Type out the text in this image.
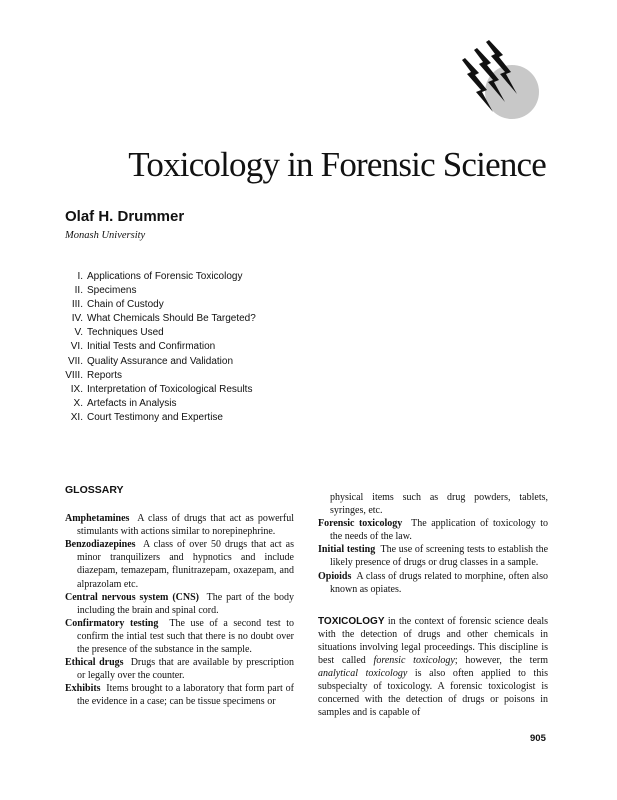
Toxicology in Forensic Science
Olaf H. Drummer
Monash University
I. Applications of Forensic Toxicology
II. Specimens
III. Chain of Custody
IV. What Chemicals Should Be Targeted?
V. Techniques Used
VI. Initial Tests and Confirmation
VII. Quality Assurance and Validation
VIII. Reports
IX. Interpretation of Toxicological Results
X. Artefacts in Analysis
XI. Court Testimony and Expertise
GLOSSARY
Amphetamines A class of drugs that act as powerful stimulants with actions similar to norepinephrine.
Benzodiazepines A class of over 50 drugs that act as minor tranquilizers and hypnotics and include diazepam, temazepam, flunitrazepam, oxazepam, and alprazolam etc.
Central nervous system (CNS) The part of the body including the brain and spinal cord.
Confirmatory testing The use of a second test to confirm the intial test such that there is no doubt over the presence of the substance in the sample.
Ethical drugs Drugs that are available by prescription or legally over the counter.
Exhibits Items brought to a laboratory that form part of the evidence in a case; can be tissue specimens or
physical items such as drug powders, tablets, syringes, etc.
Forensic toxicology The application of toxicology to the needs of the law.
Initial testing The use of screening tests to establish the likely presence of drugs or drug classes in a sample.
Opioids A class of drugs related to morphine, often also known as opiates.

TOXICOLOGY in the context of forensic science deals with the detection of drugs and other chemicals in situations involving legal proceedings. This discipline is best called forensic toxicology; however, the term analytical toxicology is also often applied to this subspecialty of toxicology. A forensic toxicologist is concerned with the detection of drugs or poisons in samples and is capable of

905
